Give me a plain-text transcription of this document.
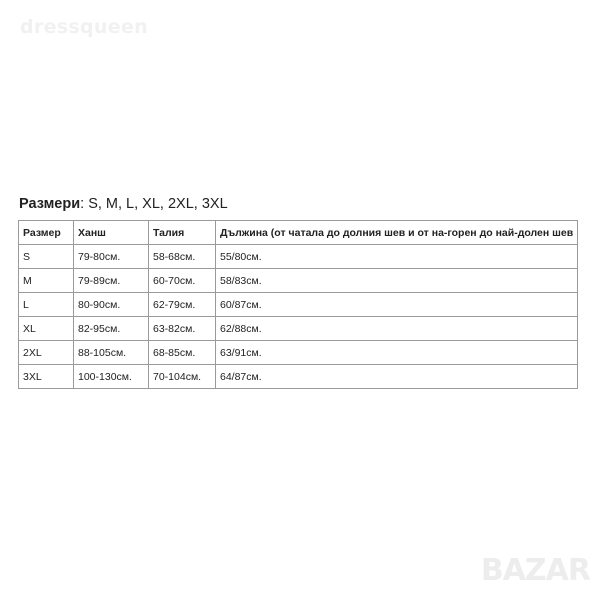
dressqueen
Размери: S, M, L, XL, 2XL, 3XL
Размер	Ханш	Талия	Дължина (от чатала до долния шев и от на-горен до най-долен шев
S	79-80см.	58-68см.	55/80см.
M	79-89см.	60-70см.	58/83см.
L	80-90см.	62-79см.	60/87см.
XL	82-95см.	63-82см.	62/88см.
2XL	88-105см.	68-85см.	63/91см.
3XL	100-130см.	70-104см.	64/87см.
BAZAR
